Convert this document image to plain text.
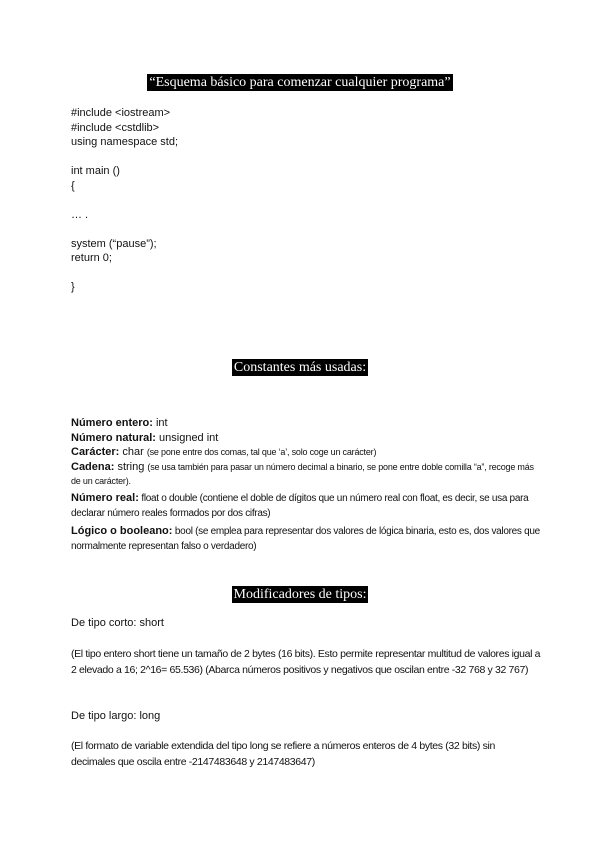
“Esquema básico para comenzar cualquier programa”
#include <iostream>
#include <cstdlib>
using namespace std;
int main ()
{
… .
system (“pause”);
return 0;
}
Constantes más usadas:
Número entero: int
Número natural: unsigned int
Carácter: char (se pone entre dos comas, tal que ‘a’, solo coge un carácter)
Cadena: string (se usa también para pasar un número decimal a binario, se pone entre doble comilla “a”, recoge más de un carácter).
Número real: float o double (contiene el doble de dígitos que un número real con float, es decir, se usa para declarar número reales formados por dos cifras)
Lógico o booleano: bool (se emplea para representar dos valores de lógica binaria, esto es, dos valores que normalmente representan falso o verdadero)
Modificadores de tipos:
De tipo corto: short
(El tipo entero short tiene un tamaño de 2 bytes (16 bits). Esto permite representar multitud de valores igual a 2 elevado a 16; 2^16= 65.536) (Abarca números positivos y negativos que oscilan entre -32 768 y 32 767)
De tipo largo: long
(El formato de variable extendida del tipo long se refiere a números enteros de 4 bytes (32 bits) sin decimales que oscila entre -2147483648 y 2147483647)
